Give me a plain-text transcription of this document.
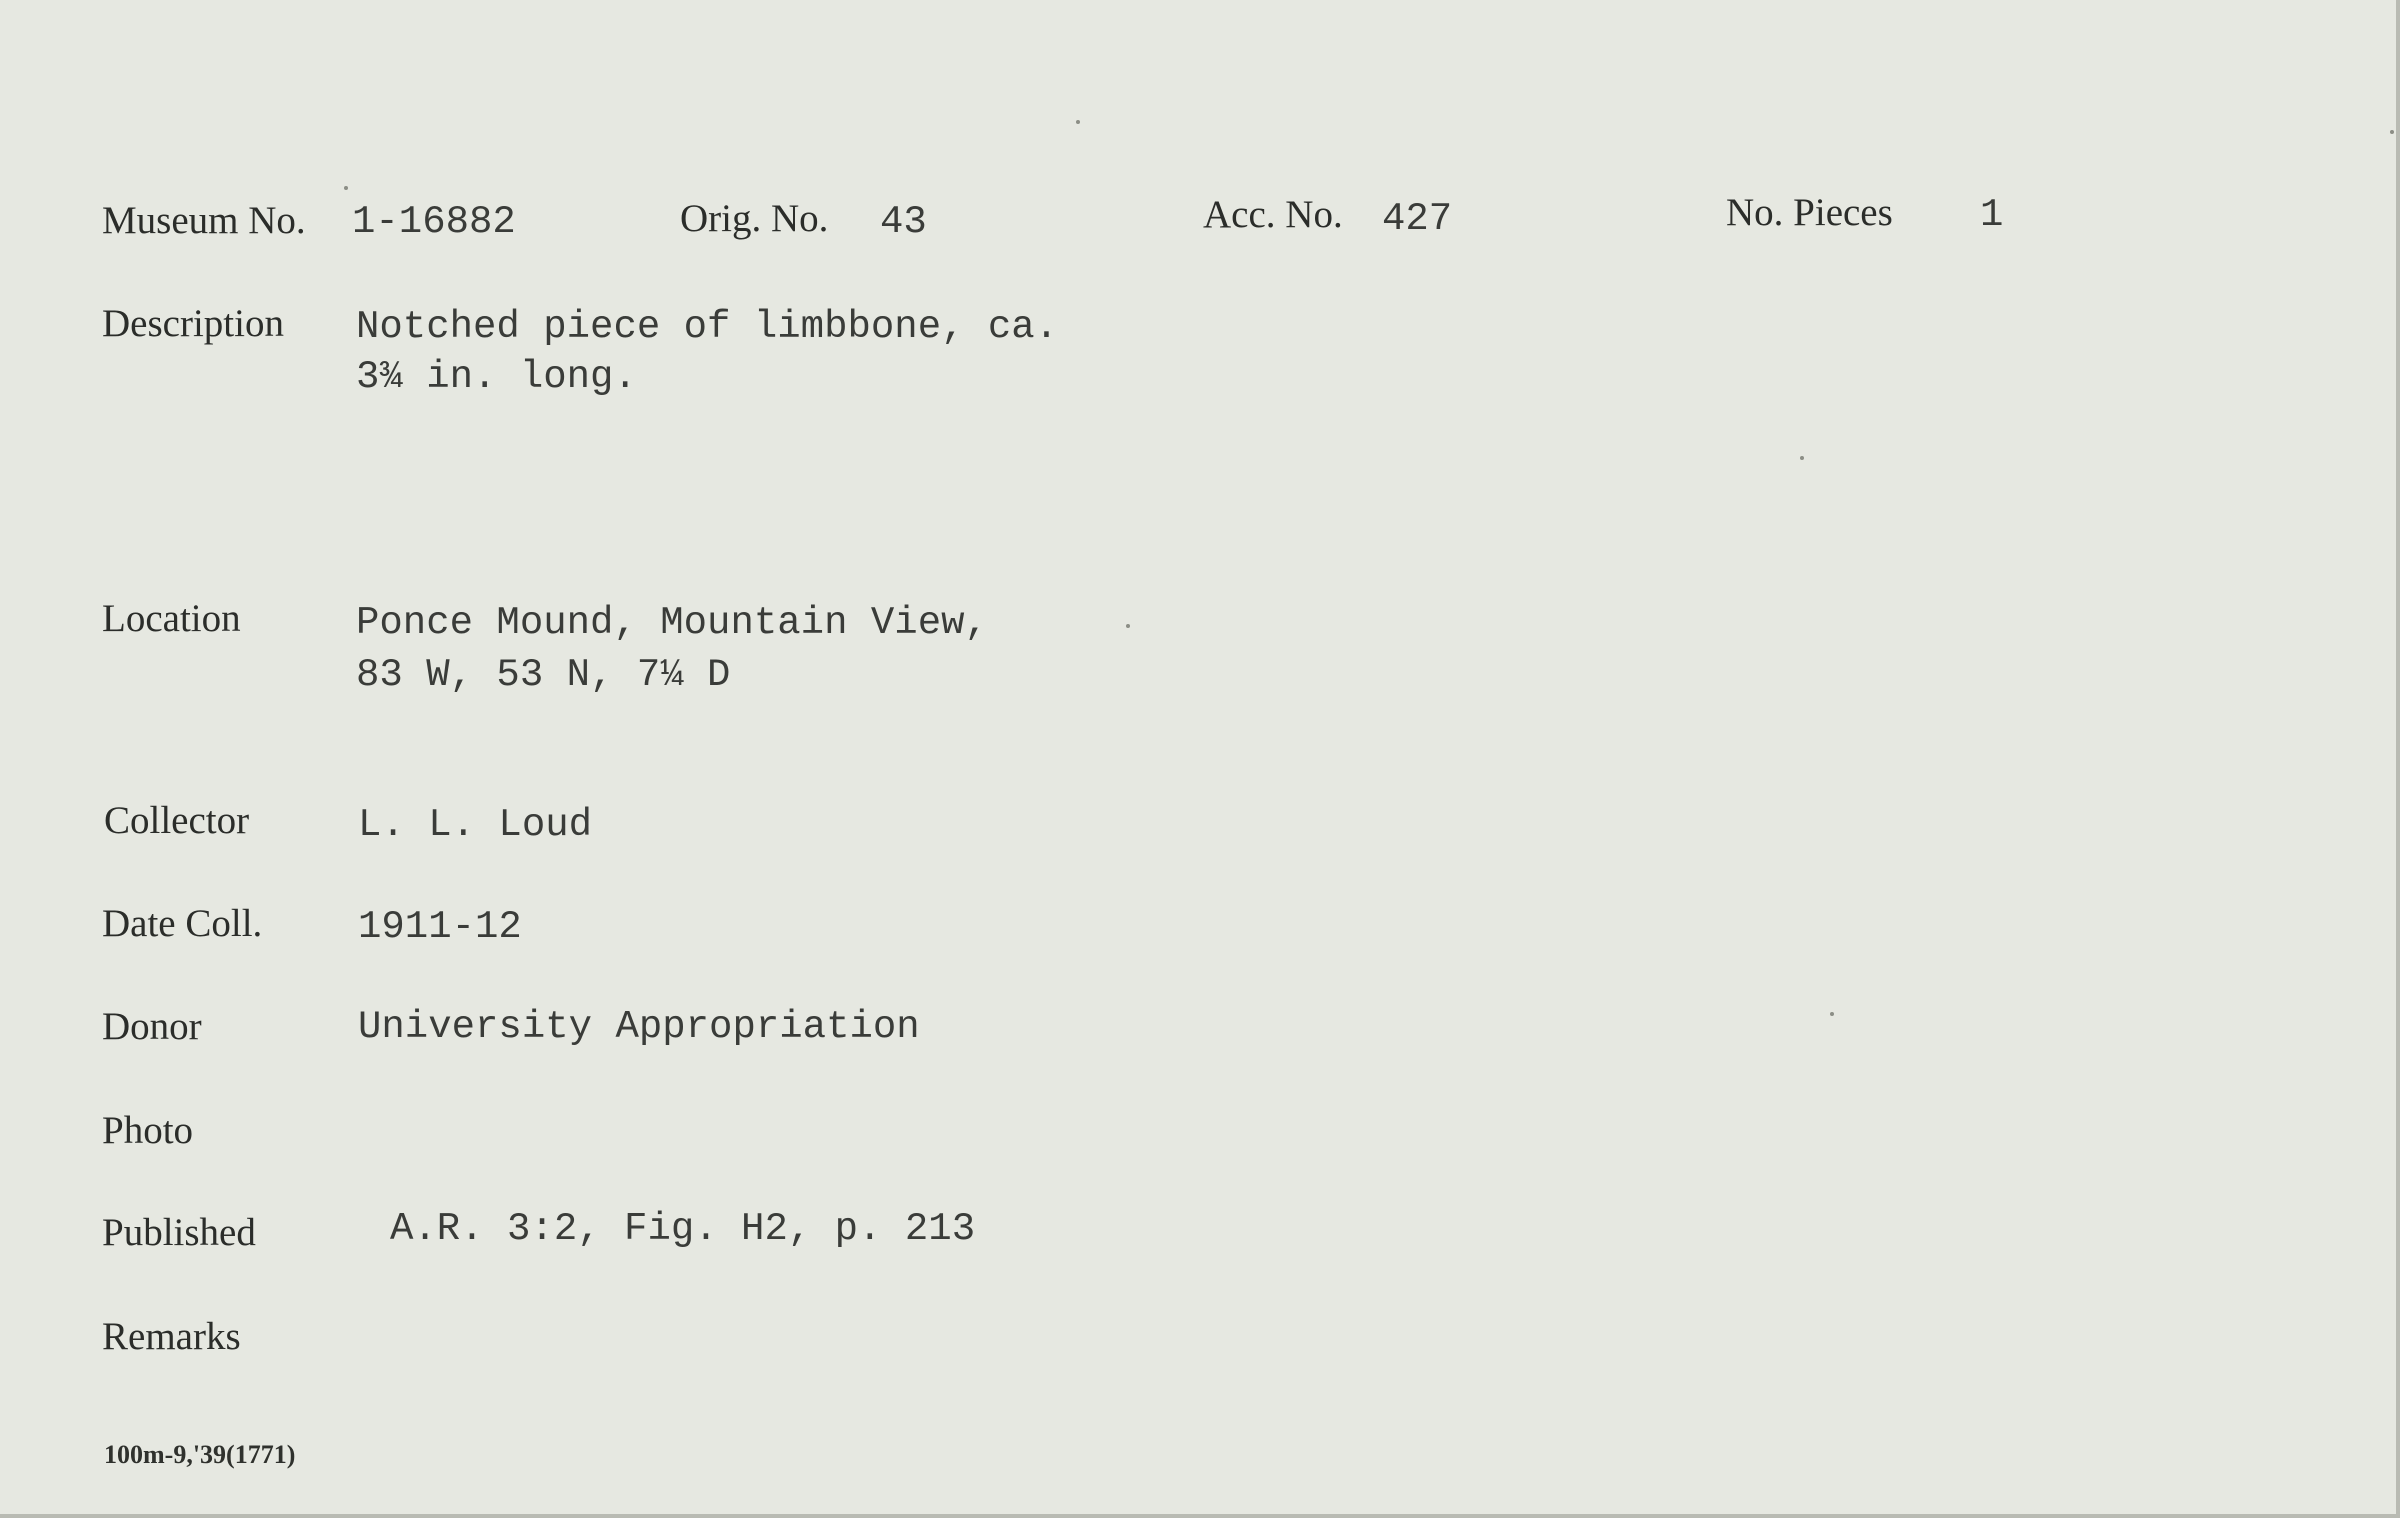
Museum No. 1-16882	Orig. No. 43	Acc. No. 427	No. Pieces 1
Description Notched piece of limbbone, ca.
3¾ in. long.
Location	Ponce Mound, Mountain View,
83 W, 53 N, 7¼ D
Collector	L. L. Loud
Date Coll. 1911-12
Donor	University Appropriation
Photo
Published	A.R. 3:2, Fig. H2, p. 213
Remarks
100m-9,'39(1771)
